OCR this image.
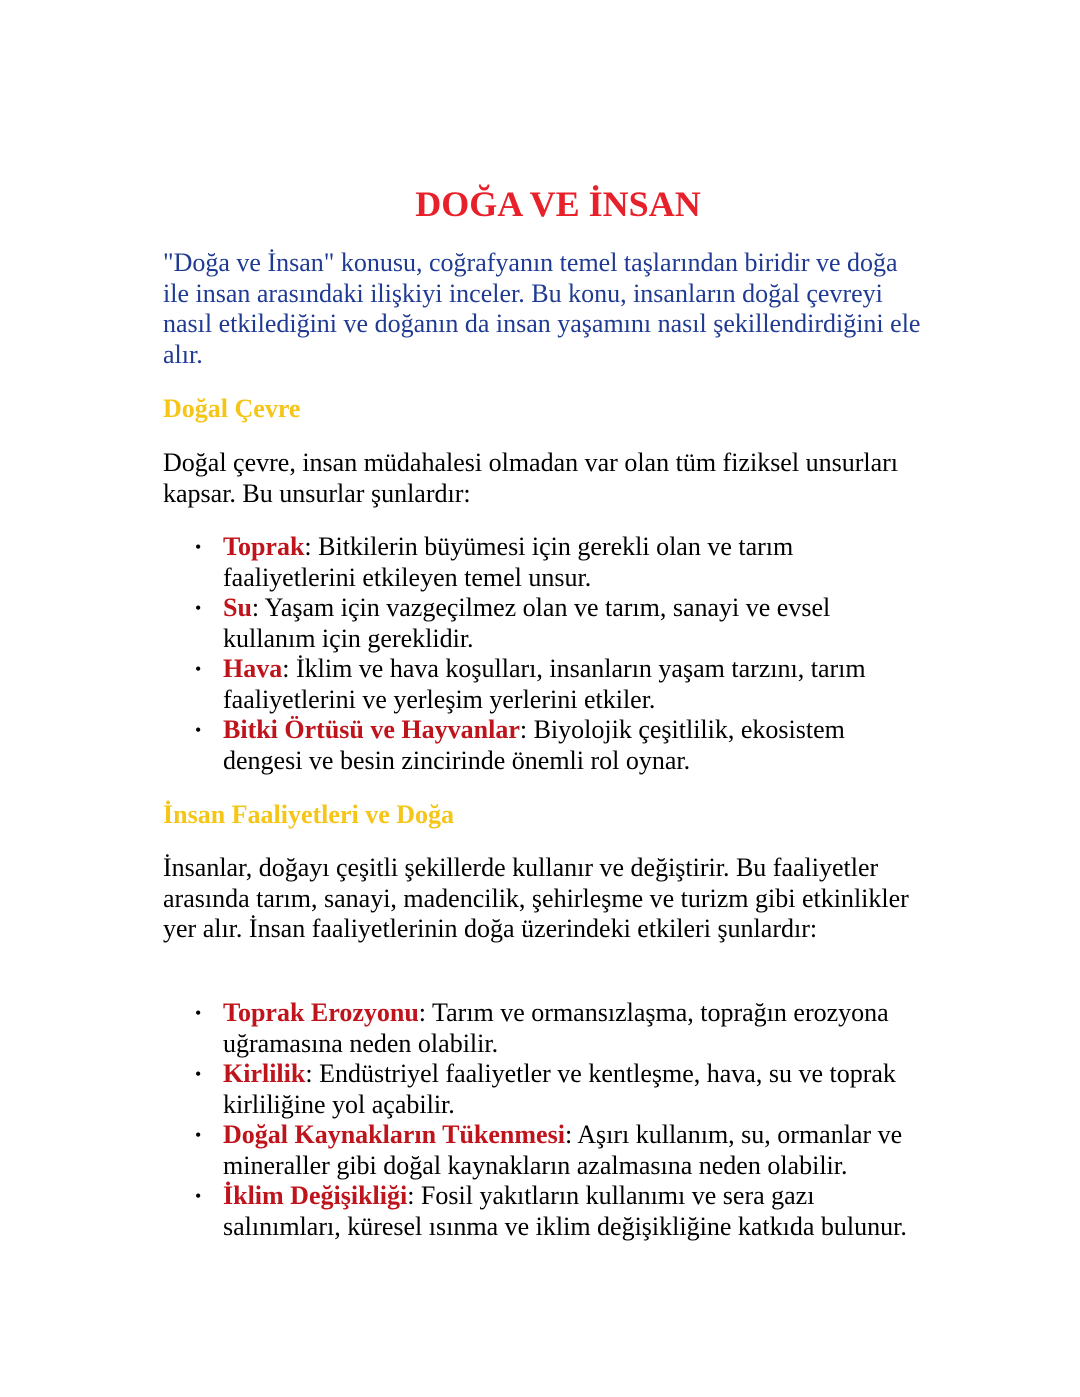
DOĞA VE İNSAN

"Doğa ve İnsan" konusu, coğrafyanın temel taşlarından biridir ve doğa ile insan arasındaki ilişkiyi inceler. Bu konu, insanların doğal çevreyi nasıl etkilediğini ve doğanın da insan yaşamını nasıl şekillendirdiğini ele alır.

Doğal Çevre

Doğal çevre, insan müdahalesi olmadan var olan tüm fiziksel unsurları kapsar. Bu unsurlar şunlardır:

• Toprak: Bitkilerin büyümesi için gerekli olan ve tarım faaliyetlerini etkileyen temel unsur.
• Su: Yaşam için vazgeçilmez olan ve tarım, sanayi ve evsel kullanım için gereklidir.
• Hava: İklim ve hava koşulları, insanların yaşam tarzını, tarım faaliyetlerini ve yerleşim yerlerini etkiler.
• Bitki Örtüsü ve Hayvanlar: Biyolojik çeşitlilik, ekosistem dengesi ve besin zincirinde önemli rol oynar.
İnsan Faaliyetleri ve Doğa

İnsanlar, doğayı çeşitli şekillerde kullanır ve değiştirir. Bu faaliyetler arasında tarım, sanayi, madencilik, şehirleşme ve turizm gibi etkinlikler yer alır. İnsan faaliyetlerinin doğa üzerindeki etkileri şunlardır:

• Toprak Erozyonu: Tarım ve ormansızlaşma, toprağın erozyona uğramasına neden olabilir.
• Kirlilik: Endüstriyel faaliyetler ve kentleşme, hava, su ve toprak kirliliğine yol açabilir.
• Doğal Kaynakların Tükenmesi: Aşırı kullanım, su, ormanlar ve mineraller gibi doğal kaynakların azalmasına neden olabilir.
• İklim Değişikliği: Fosil yakıtların kullanımı ve sera gazı salınımları, küresel ısınma ve iklim değişikliğine katkıda bulunur.
